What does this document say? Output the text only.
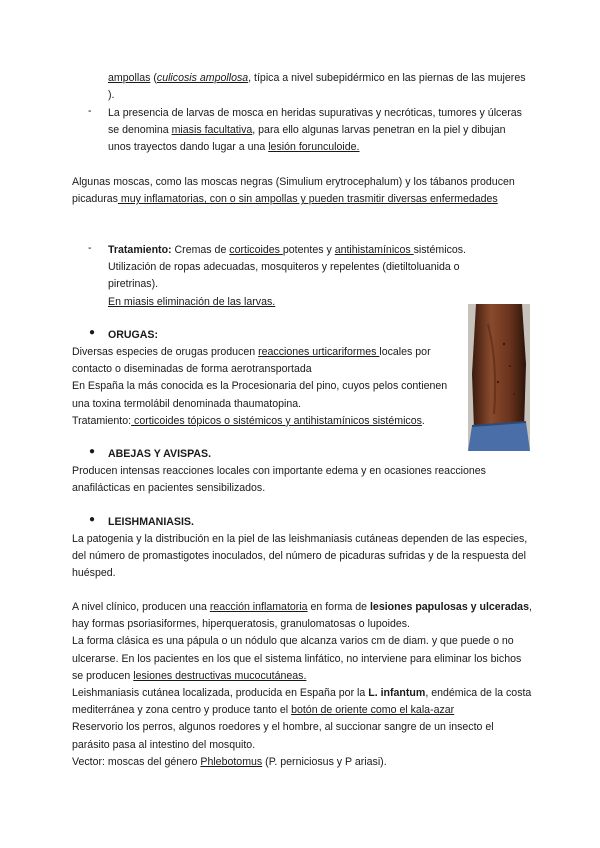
ampollas (culicosis ampollosa, típica a nivel subepidérmico en las piernas de las mujeres ).

- La presencia de larvas de mosca en heridas supurativas y necróticas, tumores y úlceras se denomina miasis facultativa, para ello algunas larvas penetran en la piel y dibujan unos trayectos dando lugar a una lesión forunculoide.

Algunas moscas, como las moscas negras (Simulium erytrocephalum) y los tábanos producen picaduras muy inflamatorias, con o sin ampollas y pueden trasmitir diversas enfermedades

- Tratamiento: Cremas de corticoides potentes y antihistamínicos sistémicos. Utilización de ropas adecuadas, mosquiteros y repelentes (dietiltoluanida o piretrinas).
En miasis eliminación de las larvas.

● ORUGAS:

Diversas especies de orugas producen reacciones urticariformes locales por contacto o diseminadas de forma aerotransportada
En España la más conocida es la Procesionaria del pino, cuyos pelos contienen una toxina termolábil denominada thaumatopina.
Tratamiento: corticoides tópicos o sistémicos y antihistamínicos sistémicos.

● ABEJAS Y AVISPAS.

Producen intensas reacciones locales con importante edema y en ocasiones reacciones anafilácticas en pacientes sensibilizados.

● LEISHMANIASIS.

La patogenia y la distribución en la piel de las leishmaniasis cutáneas dependen de las especies, del número de promastigotes inoculados, del número de picaduras sufridas y de la respuesta del huésped.

A nivel clínico, producen una reacción inflamatoria en forma de lesiones papulosas y ulceradas, hay formas psoriasiformes, hiperqueratosis, granulomatosas o lupoides.
La forma clásica es una pápula o un nódulo que alcanza varios cm de diam. y que puede o no ulcerarse. En los pacientes en los que el sistema linfático, no interviene para eliminar los bichos se producen lesiones destructivas mucocutáneas.
Leishmaniasis cutánea localizada, producida en España por la L. infantum, endémica de la costa mediterránea y zona centro y produce tanto el botón de oriente como el kala-azar
Reservorio los perros, algunos roedores y el hombre, al succionar sangre de un insecto el parásito pasa al intestino del mosquito.
Vector: moscas del género Phlebotomus (P. perniciosus y P ariasi).
